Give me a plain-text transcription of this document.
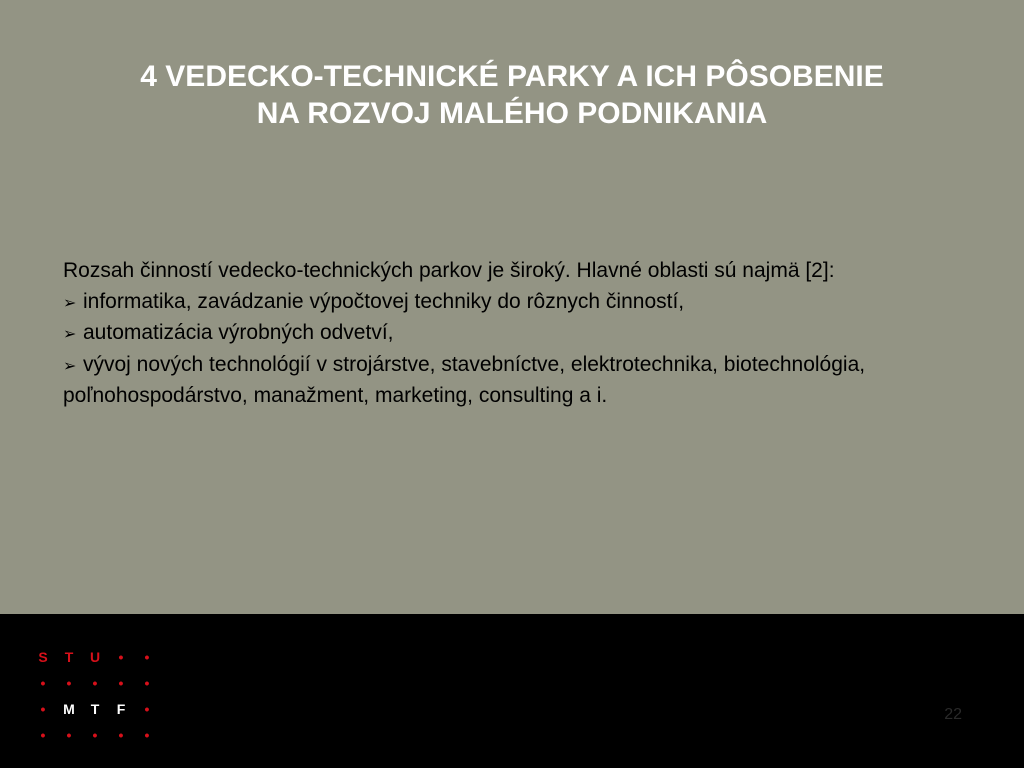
4 VEDECKO-TECHNICKÉ PARKY A ICH PÔSOBENIE
NA ROZVOJ MALÉHO PODNIKANIA

Rozsah činností vedecko-technických parkov je široký. Hlavné oblasti sú najmä [2]:

➢ informatika, zavádzanie výpočtovej techniky do rôznych činností,

➢ automatizácia výrobných odvetví,

➢ vývoj nových technológií v strojárstve, stavebníctve, elektrotechnika, biotechnológia, poľnohospodárstvo, manažment, marketing, consulting a i.

S	T	U	•	•
•	•	•	•	•
•	M	T	F	•
•	•	•	•	•
22
